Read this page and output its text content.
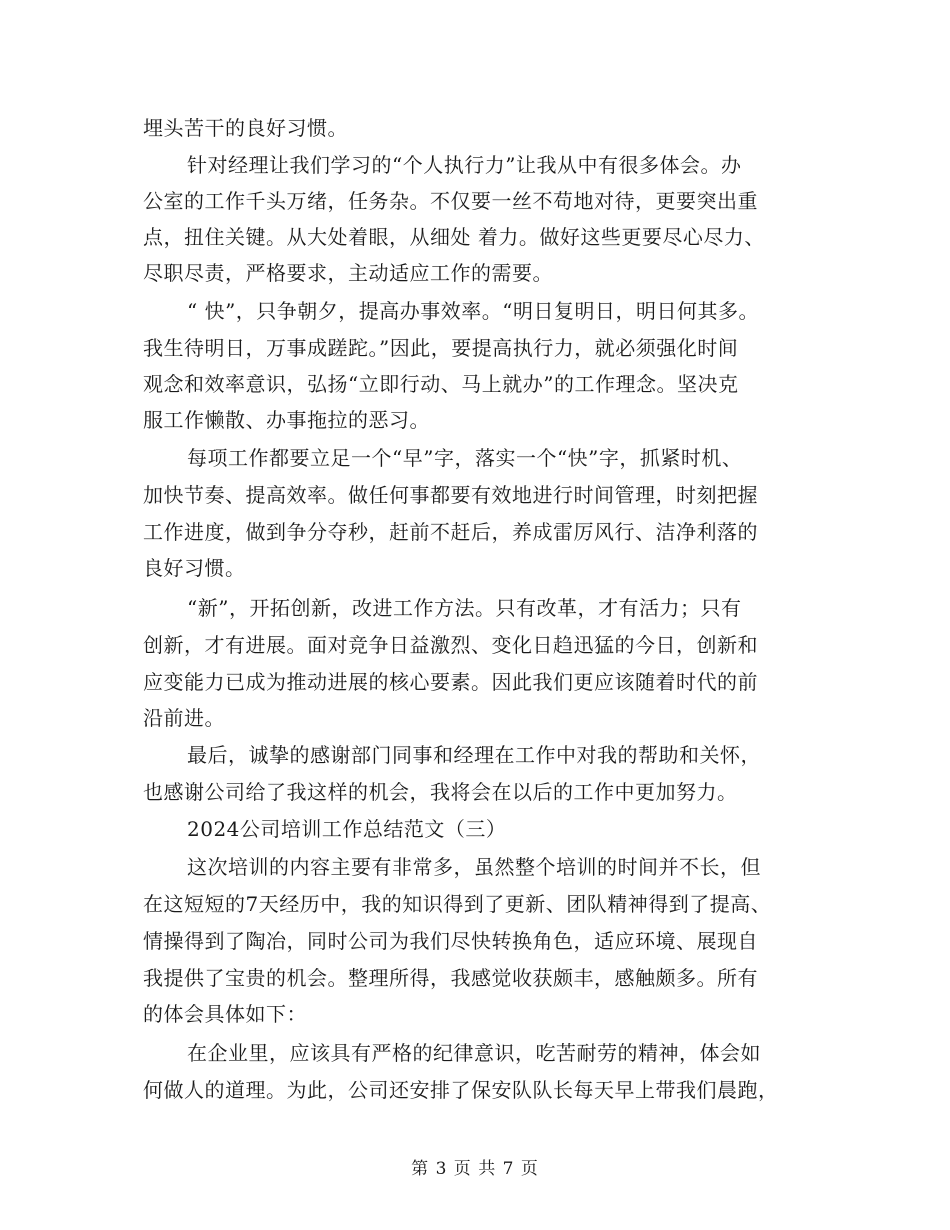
埋头苦干的良好习惯。
针对经理让我们学习的“个人执行力”让我从中有很多体会。办
公室的工作千头万绪，任务杂。不仅要一丝不苟地对待，更要突出重
点，扭住关键。从大处着眼，从细处 着力。做好这些更要尽心尽力、
尽职尽责，严格要求，主动适应工作的需要。
“ 快”，只争朝夕，提高办事效率。“明日复明日，明日何其多。
我生待明日，万事成蹉跎。”因此，要提高执行力，就必须强化时间
观念和效率意识，弘扬“立即行动、马上就办”的工作理念。坚决克
服工作懒散、办事拖拉的恶习。
每项工作都要立足一个“早”字，落实一个“快”字，抓紧时机、
加快节奏、提高效率。做任何事都要有效地进行时间管理，时刻把握
工作进度，做到争分夺秒，赶前不赶后，养成雷厉风行、洁净利落的
良好习惯。
“新”，开拓创新，改进工作方法。只有改革，才有活力；只有
创新，才有进展。面对竞争日益激烈、变化日趋迅猛的今日，创新和
应变能力已成为推动进展的核心要素。因此我们更应该随着时代的前
沿前进。
最后，诚挚的感谢部门同事和经理在工作中对我的帮助和关怀，
也感谢公司给了我这样的机会，我将会在以后的工作中更加努力。
2024公司培训工作总结范文（三）
这次培训的内容主要有非常多，虽然整个培训的时间并不长，但
在这短短的7天经历中，我的知识得到了更新、团队精神得到了提高、
情操得到了陶冶，同时公司为我们尽快转换角色，适应环境、展现自
我提供了宝贵的机会。整理所得，我感觉收获颇丰，感触颇多。所有
的体会具体如下：
在企业里，应该具有严格的纪律意识，吃苦耐劳的精神，体会如
何做人的道理。为此，公司还安排了保安队队长每天早上带我们晨跑，
第 3 页 共 7 页
